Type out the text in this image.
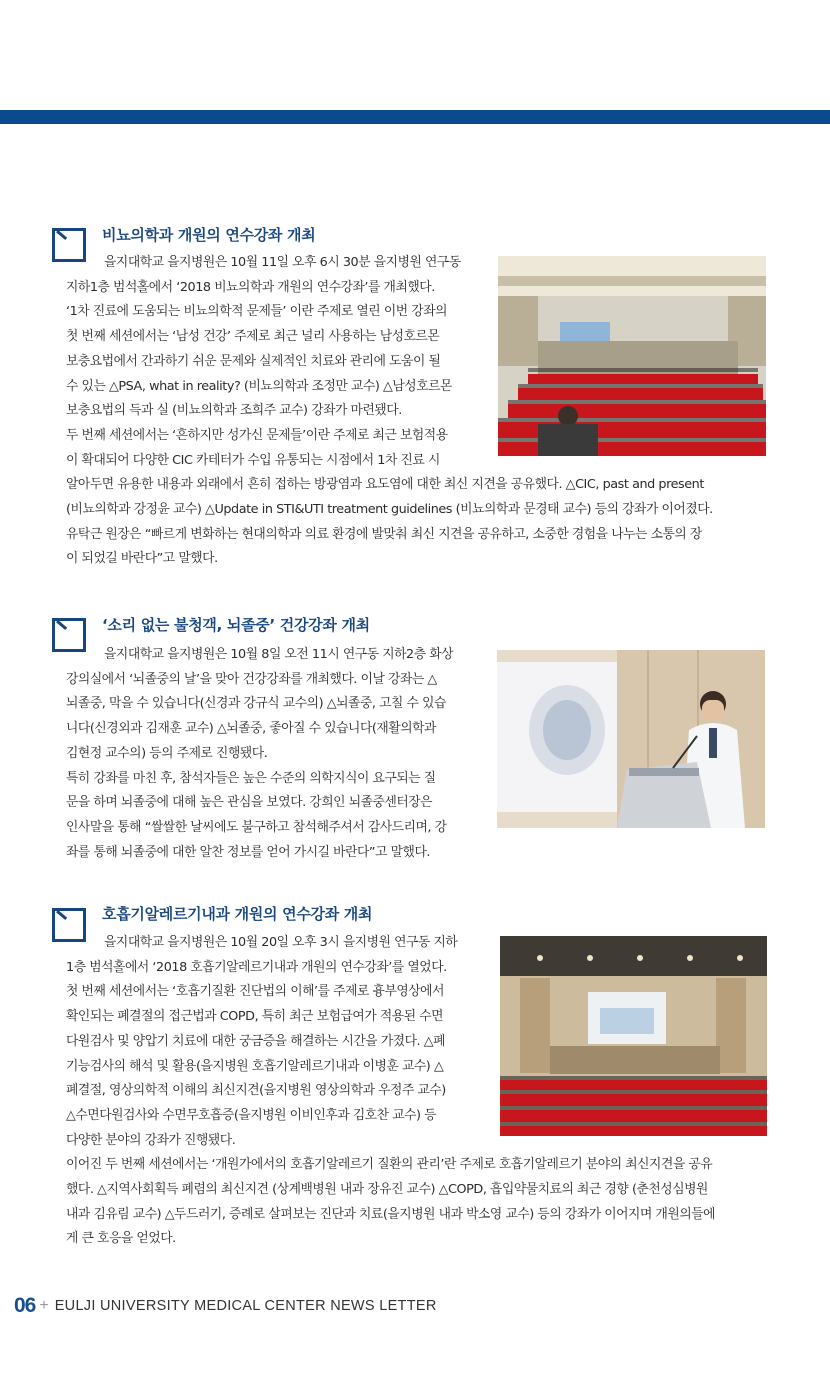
비뇨의학과 개원의 연수강좌 개최

을지대학교 을지병원은 10월 11일 오후 6시 30분 을지병원 연구동

지하1층 범석홀에서 ‘2018 비뇨의학과 개원의 연수강좌’를 개최했다.

‘1차 진료에 도움되는 비뇨의학적 문제들’ 이란 주제로 열린 이번 강좌의

첫 번째 세션에서는 ‘남성 건강’ 주제로 최근 널리 사용하는 남성호르몬

보충요법에서 간과하기 쉬운 문제와 실제적인 치료와 관리에 도움이 될

수 있는 △PSA, what in reality? (비뇨의학과 조정만 교수) △남성호르몬

보충요법의 득과 실 (비뇨의학과 조희주 교수) 강좌가 마련됐다.

두 번째 세션에서는 ‘흔하지만 성가신 문제들’이란 주제로 최근 보험적용

이 확대되어 다양한 CIC 카테터가 수입 유통되는 시점에서 1차 진료 시

알아두면 유용한 내용과 외래에서 흔히 접하는 방광염과 요도염에 대한 최신 지견을 공유했다. △CIC, past and present

(비뇨의학과 강정윤 교수) △Update in STI&UTI treatment guidelines (비뇨의학과 문경태 교수) 등의 강좌가 이어졌다.

유탁근 원장은 “빠르게 변화하는 현대의학과 의료 환경에 발맞춰 최신 지견을 공유하고, 소중한 경험을 나누는 소통의 장

이 되었길 바란다”고 말했다.

‘소리 없는 불청객, 뇌졸중’ 건강강좌 개최

을지대학교 을지병원은 10월 8일 오전 11시 연구동 지하2층 화상

강의실에서 ‘뇌졸중의 날’을 맞아 건강강좌를 개최했다. 이날 강좌는 △

뇌졸중, 막을 수 있습니다(신경과 강규식 교수의) △뇌졸중, 고칠 수 있습

니다(신경외과 김재훈 교수) △뇌졸중, 좋아질 수 있습니다(재활의학과

김현정 교수의) 등의 주제로 진행됐다.

특히 강좌를 마친 후, 참석자들은 높은 수준의 의학지식이 요구되는 질

문을 하며 뇌졸중에 대해 높은 관심을 보였다. 강희인 뇌졸중센터장은

인사말을 통해 “쌀쌀한 날씨에도 불구하고 참석해주셔서 감사드리며, 강

좌를 통해 뇌졸중에 대한 알찬 정보를 얻어 가시길 바란다”고 말했다.

호흡기알레르기내과 개원의 연수강좌 개최

을지대학교 을지병원은 10월 20일 오후 3시 을지병원 연구동 지하

1층 범석홀에서 ‘2018 호흡기알레르기내과 개원의 연수강좌’를 열었다.

첫 번째 세션에서는 ‘호흡기질환 진단법의 이해’를 주제로 흉부영상에서

확인되는 폐결절의 접근법과 COPD, 특히 최근 보험급여가 적용된 수면

다원검사 및 양압기 치료에 대한 궁금증을 해결하는 시간을 가졌다. △폐

기능검사의 해석 및 활용(을지병원 호흡기알레르기내과 이병훈 교수) △

폐결절, 영상의학적 이해의 최신지견(을지병원 영상의학과 우정주 교수)

△수면다원검사와 수면무호흡증(을지병원 이비인후과 김호찬 교수) 등

다양한 분야의 강좌가 진행됐다.

이어진 두 번째 세션에서는 ‘개원가에서의 호흡기알레르기 질환의 관리’란 주제로 호흡기알레르기 분야의 최신지견을 공유

했다. △지역사회획득 폐렴의 최신지견 (상계백병원 내과 장유진 교수) △COPD, 흡입약물치료의 최근 경향 (춘천성심병원

내과 김유림 교수) △두드러기, 증례로 살펴보는 진단과 치료(을지병원 내과 박소영 교수) 등의 강좌가 이어지며 개원의들에

게 큰 호응을 얻었다.

06 + EULJI UNIVERSITY MEDICAL CENTER NEWS LETTER
